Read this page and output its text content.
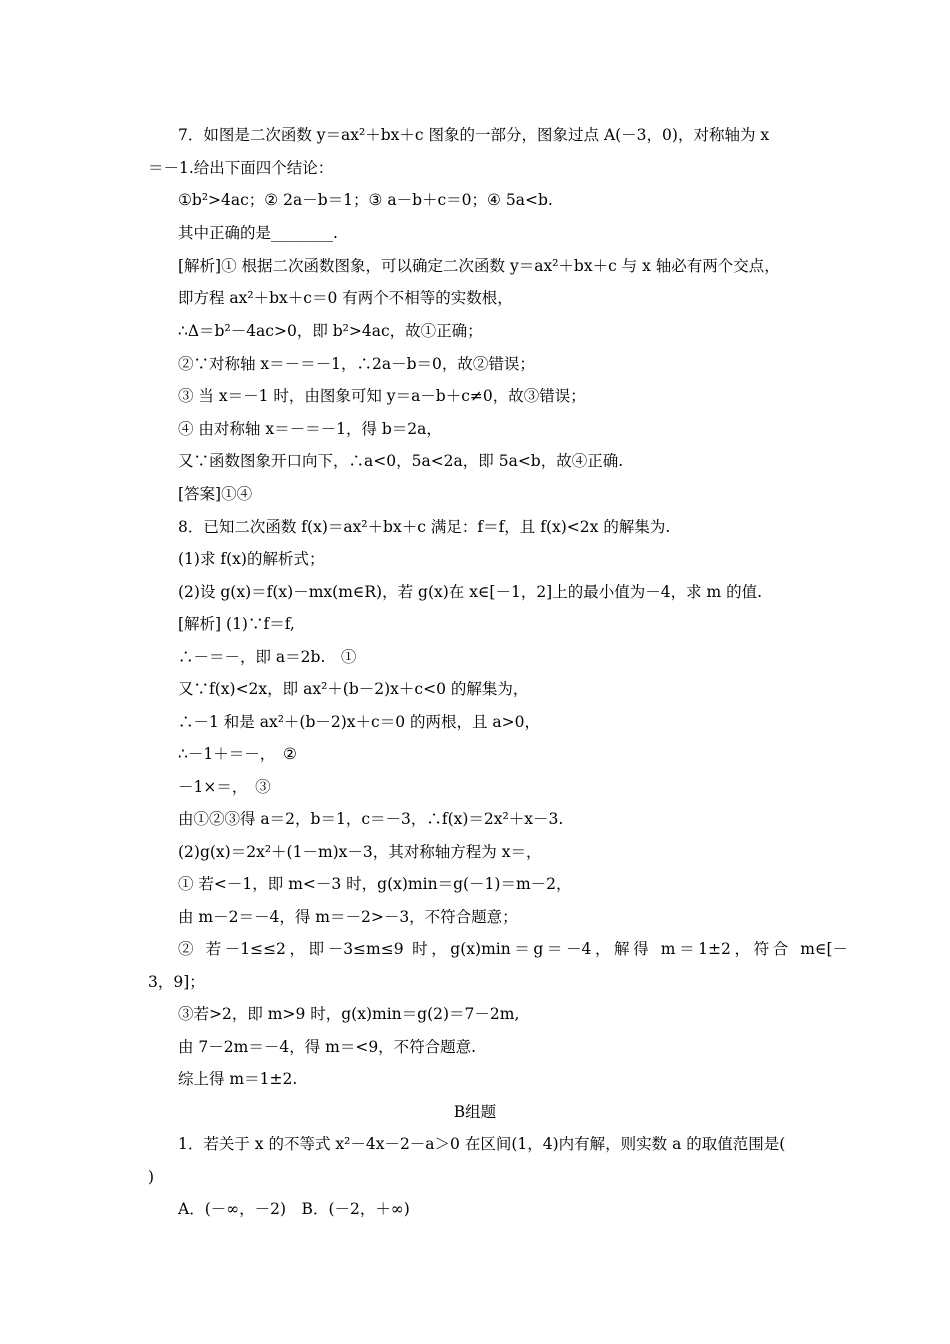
7．如图是二次函数 y＝ax²＋bx＋c 图象的一部分，图象过点 A(－3，0)，对称轴为 x
＝－1.给出下面四个结论：
①b²>4ac；② 2a－b＝1；③ a－b＋c＝0；④ 5a<b.
其中正确的是________.
[解析]① 根据二次函数图象，可以确定二次函数 y＝ax²＋bx＋c 与 x 轴必有两个交点，
即方程 ax²＋bx＋c＝0 有两个不相等的实数根，
∴Δ＝b²－4ac>0，即 b²>4ac，故①正确；
②∵对称轴 x＝－＝－1，∴2a－b＝0，故②错误；
③ 当 x＝－1 时，由图象可知 y＝a－b＋c≠0，故③错误；
④ 由对称轴 x＝－＝－1，得 b＝2a，
又∵函数图象开口向下，∴a<0，5a<2a，即 5a<b，故④正确.
[答案]①④
8．已知二次函数 f(x)＝ax²＋bx＋c 满足：f＝f，且 f(x)<2x 的解集为.
(1)求 f(x)的解析式；
(2)设 g(x)＝f(x)－mx(m∈R)，若 g(x)在 x∈[－1，2]上的最小值为－4，求 m 的值.
[解析] (1)∵f＝f,
∴－＝－，即 a＝2b.　①
又∵f(x)<2x，即 ax²＋(b－2)x＋c<0 的解集为，
∴－1 和是 ax²＋(b－2)x＋c＝0 的两根，且 a>0，
∴－1＋＝－，　②
－1×＝，　③
由①②③得 a＝2，b＝1，c＝－3，∴f(x)＝2x²＋x－3.
(2)g(x)＝2x²＋(1－m)x－3，其对称轴方程为 x＝，
① 若<－1，即 m<－3 时，g(x)min＝g(－1)＝m－2，
由 m－2＝－4，得 m＝－2>－3，不符合题意；
② 若－1≤≤2，即－3≤m≤9 时，g(x)min＝g＝－4，解得 m＝1±2，符合 m∈[－
3，9]；
③若>2，即 m>9 时，g(x)min＝g(2)＝7－2m,
由 7－2m＝－4，得 m＝<9，不符合题意.
综上得 m＝1±2.
B组题
1．若关于 x 的不等式 x²－4x－2－a＞0 在区间(1，4)内有解，则实数 a 的取值范围是(
)
A．(－∞，－2)　B．(－2，＋∞)
